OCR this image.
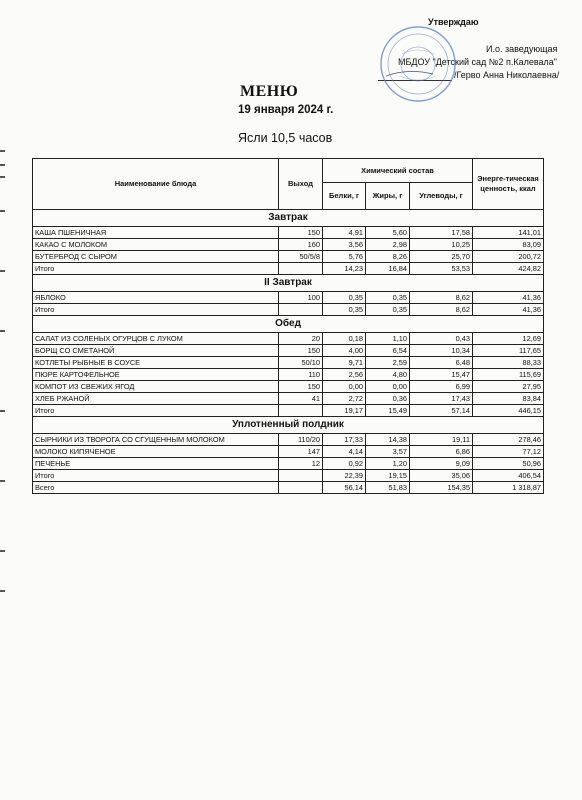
Утверждаю
И.о. заведующая
МБДОУ "Детский сад №2 п.Калевала"
/Герво Анна Николаевна/
МЕНЮ
19 января 2024 г.
Ясли 10,5 часов
Наименование блюда	Выход	Химический состав			Энерге-тическая ценность, ккал
		Белки, г	Жиры, г	Углеводы, г	
Завтрак					
КАША ПШЕНИЧНАЯ	150	4,91	5,60	17,58	141,01
КАКАО С МОЛОКОМ	160	3,56	2,98	10,25	83,09
БУТЕРБРОД С СЫРОМ	50/5/8	5,76	8,26	25,70	200,72
Итого		14,23	16,84	53,53	424,82
II Завтрак					
ЯБЛОКО	100	0,35	0,35	8,62	41,36
Итого		0,35	0,35	8,62	41,36
Обед					
САЛАТ ИЗ СОЛЕНЫХ ОГУРЦОВ С ЛУКОМ	20	0,18	1,10	0,43	12,69
БОРЩ СО СМЕТАНОЙ	150	4,00	6,54	10,34	117,65
КОТЛЕТЫ РЫБНЫЕ В СОУСЕ	50/10	9,71	2,59	6,48	88,33
ПЮРЕ КАРТОФЕЛЬНОЕ	110	2,56	4,80	15,47	115,69
КОМПОТ ИЗ СВЕЖИХ ЯГОД	150	0,00	0,00	6,99	27,95
ХЛЕБ РЖАНОЙ	41	2,72	0,36	17,43	83,84
Итого		19,17	15,49	57,14	446,15
Уплотненный полдник					
СЫРНИКИ ИЗ ТВОРОГА СО СГУЩЕННЫМ МОЛОКОМ	110/20	17,33	14,38	19,11	278,46
МОЛОКО КИПЯЧЕНОЕ	147	4,14	3,57	6,86	77,12
ПЕЧЕНЬЕ	12	0,92	1,20	9,09	50,96
Итого		22,39	19,15	35,06	406,54
Всего		56,14	51,83	154,35	1 318,87
